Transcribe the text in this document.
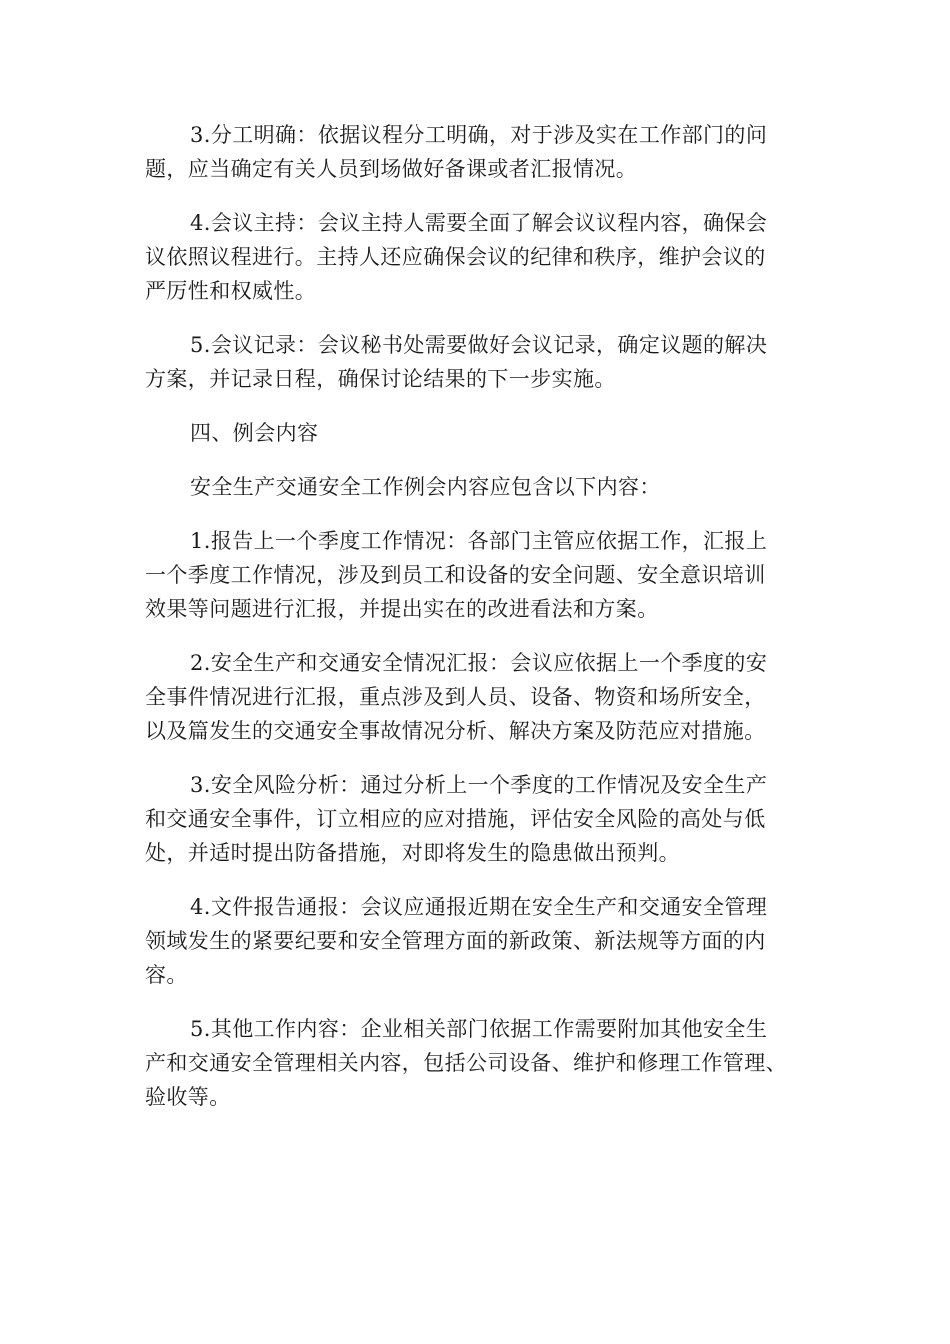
3.分工明确：依据议程分工明确，对于涉及实在工作部门的问
题，应当确定有关人员到场做好备课或者汇报情况。

4.会议主持：会议主持人需要全面了解会议议程内容，确保会
议依照议程进行。主持人还应确保会议的纪律和秩序，维护会议的
严厉性和权威性。

5.会议记录：会议秘书处需要做好会议记录，确定议题的解决
方案，并记录日程，确保讨论结果的下一步实施。

四、例会内容

安全生产交通安全工作例会内容应包含以下内容：

1.报告上一个季度工作情况：各部门主管应依据工作，汇报上
一个季度工作情况，涉及到员工和设备的安全问题、安全意识培训
效果等问题进行汇报，并提出实在的改进看法和方案。

2.安全生产和交通安全情况汇报：会议应依据上一个季度的安
全事件情况进行汇报，重点涉及到人员、设备、物资和场所安全，
以及篇发生的交通安全事故情况分析、解决方案及防范应对措施。

3.安全风险分析：通过分析上一个季度的工作情况及安全生产
和交通安全事件，订立相应的应对措施，评估安全风险的高处与低
处，并适时提出防备措施，对即将发生的隐患做出预判。

4.文件报告通报：会议应通报近期在安全生产和交通安全管理
领域发生的紧要纪要和安全管理方面的新政策、新法规等方面的内
容。

5.其他工作内容：企业相关部门依据工作需要附加其他安全生
产和交通安全管理相关内容，包括公司设备、维护和修理工作管理、
验收等。
